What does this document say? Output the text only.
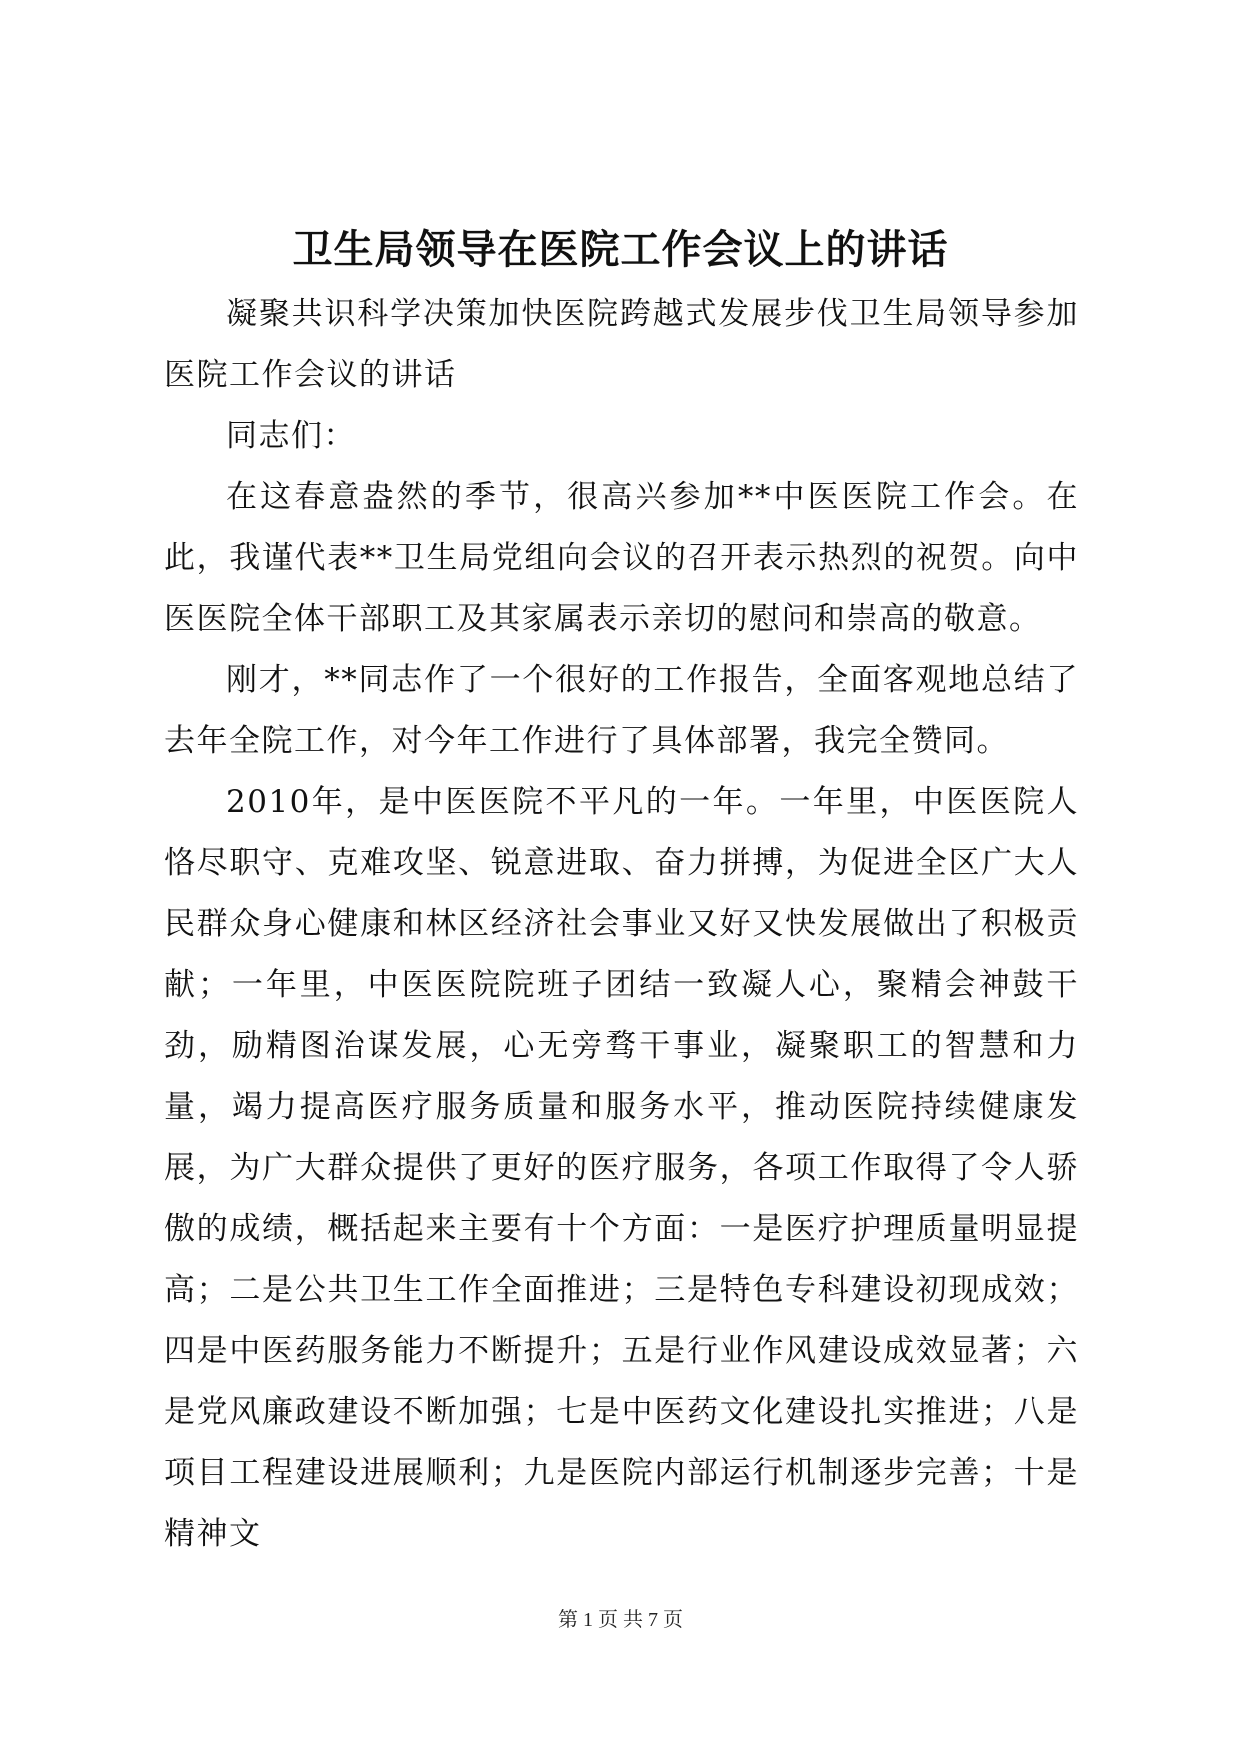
卫生局领导在医院工作会议上的讲话

凝聚共识科学决策加快医院跨越式发展步伐卫生局领导参加医院工作会议的讲话

同志们：

在这春意盎然的季节，很高兴参加**中医医院工作会。在此，我谨代表**卫生局党组向会议的召开表示热烈的祝贺。向中医医院全体干部职工及其家属表示亲切的慰问和崇高的敬意。

刚才，**同志作了一个很好的工作报告，全面客观地总结了去年全院工作，对今年工作进行了具体部署，我完全赞同。

2010年，是中医医院不平凡的一年。一年里，中医医院人恪尽职守、克难攻坚、锐意进取、奋力拼搏，为促进全区广大人民群众身心健康和林区经济社会事业又好又快发展做出了积极贡献；一年里，中医医院院班子团结一致凝人心，聚精会神鼓干劲，励精图治谋发展，心无旁骛干事业，凝聚职工的智慧和力量，竭力提高医疗服务质量和服务水平，推动医院持续健康发展，为广大群众提供了更好的医疗服务，各项工作取得了令人骄傲的成绩，概括起来主要有十个方面：一是医疗护理质量明显提高；二是公共卫生工作全面推进；三是特色专科建设初现成效；四是中医药服务能力不断提升；五是行业作风建设成效显著；六是党风廉政建设不断加强；七是中医药文化建设扎实推进；八是项目工程建设进展顺利；九是医院内部运行机制逐步完善；十是精神文

第 1 页 共 7 页
